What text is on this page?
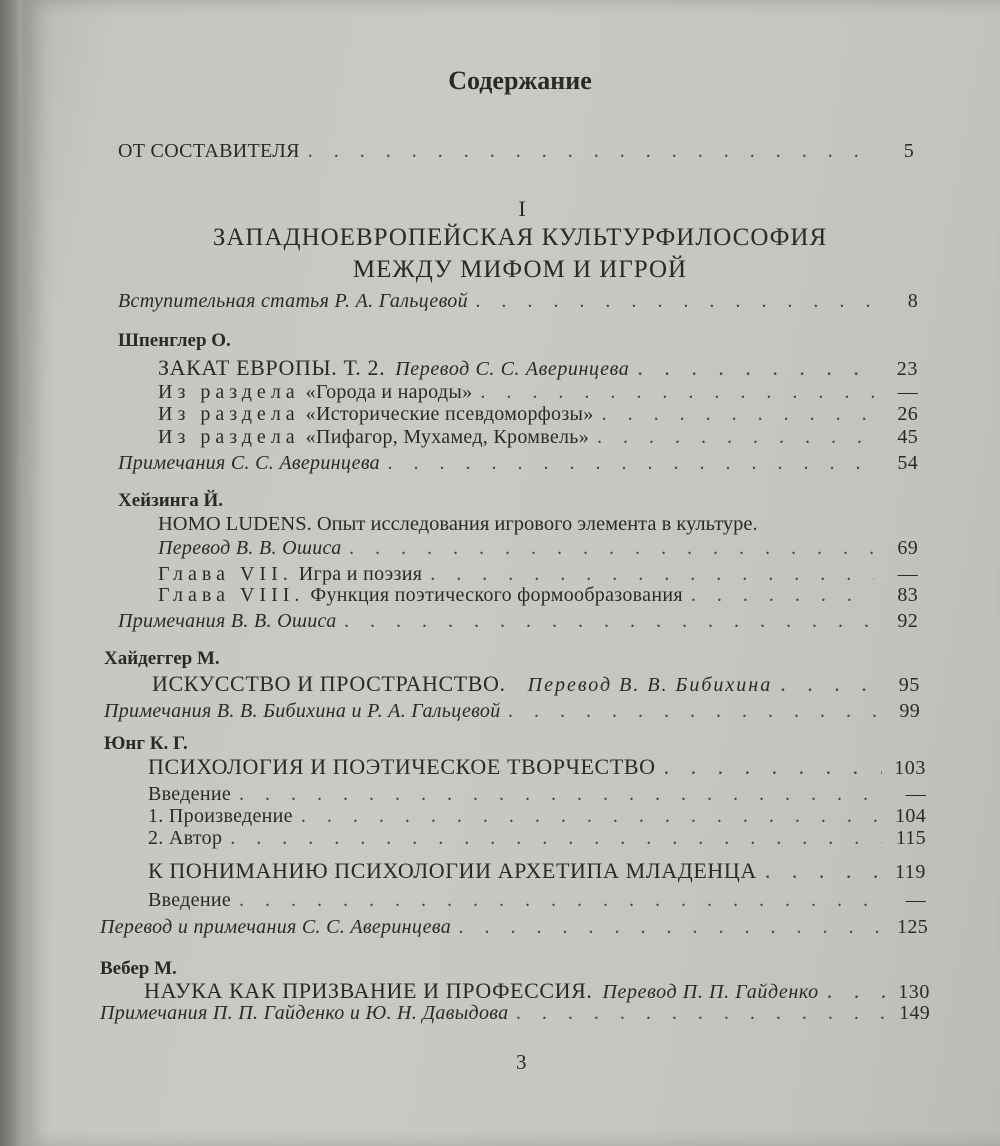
Содержание
ОТ СОСТАВИТЕЛЯ . . .	5
I
ЗАПАДНОЕВРОПЕЙСКАЯ КУЛЬТУРФИЛОСОФИЯ
МЕЖДУ МИФОМ И ИГРОЙ
Вступительная статья Р. А. Гальцевой . . .	8
Шпенглер О.
ЗАКАТ ЕВРОПЫ. Т. 2. Перевод С. С. Аверинцева . . .	23
Из раздела «Города и народы» . . .	—
Из раздела «Исторические псевдоморфозы» . . .	26
Из раздела «Пифагор, Мухамед, Кромвель» . . .	45
Примечания С. С. Аверинцева . . .	54
Хейзинга Й.
HOMO LUDENS. Опыт исследования игрового элемента в культуре.
Перевод В. В. Ошиса . . .	69
Глава VII. Игра и поэзия . . .	—
Глава VIII. Функция поэтического формообразования . . .	83
Примечания В. В. Ошиса . . .	92
Хайдеггер М.
ИСКУССТВО И ПРОСТРАНСТВО. Перевод В. В. Бибихина . . .	95
Примечания В. В. Бибихина и Р. А. Гальцевой . . .	99
Юнг К. Г.
ПСИХОЛОГИЯ И ПОЭТИЧЕСКОЕ ТВОРЧЕСТВО . . .	103
Введение . . .	—
1. Произведение . . .	104
2. Автор . . .	115
К ПОНИМАНИЮ ПСИХОЛОГИИ АРХЕТИПА МЛАДЕНЦА . . .	119
Введение . . .	—
Перевод и примечания С. С. Аверинцева . . .	125
Вебер М.
НАУКА КАК ПРИЗВАНИЕ И ПРОФЕССИЯ. Перевод П. П. Гайденко . . .	130
Примечания П. П. Гайденко и Ю. Н. Давыдова . . .	149
3
